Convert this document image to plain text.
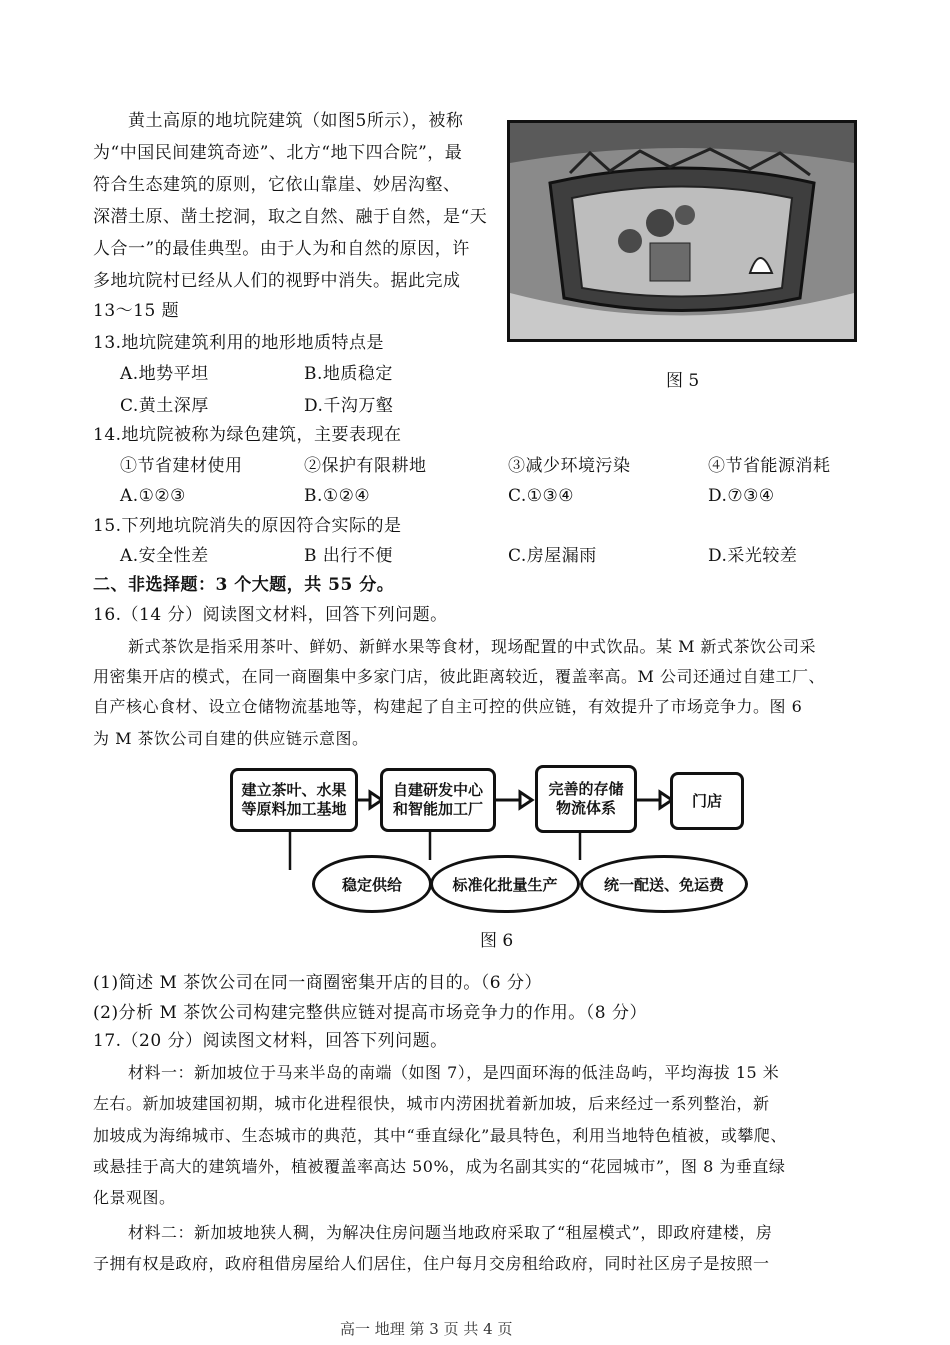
黄土高原的地坑院建筑（如图5所示），被称
为“中国民间建筑奇迹”、北方“地下四合院”，最
符合生态建筑的原则，它依山靠崖、妙居沟壑、
深潜土原、凿土挖洞，取之自然、融于自然，是“天
人合一”的最佳典型。由于人为和自然的原因，许
多地坑院村已经从人们的视野中消失。据此完成
13～15 题
图 5
13.地坑院建筑利用的地形地质特点是
A.地势平坦	B.地质稳定
C.黄土深厚	D.千沟万壑
14.地坑院被称为绿色建筑，主要表现在
①节省建材使用	②保护有限耕地	③减少环境污染	④节省能源消耗
A.①②③	B.①②④	C.①③④	D.⑦③④
15.下列地坑院消失的原因符合实际的是
A.安全性差	B 出行不便	C.房屋漏雨	D.采光较差
二、非选择题：3 个大题，共 55 分。
16.（14 分）阅读图文材料，回答下列问题。
新式茶饮是指采用茶叶、鲜奶、新鲜水果等食材，现场配置的中式饮品。某 M 新式茶饮公司采
用密集开店的模式，在同一商圈集中多家门店，彼此距离较近，覆盖率高。M 公司还通过自建工厂、
自产核心食材、设立仓储物流基地等，构建起了自主可控的供应链，有效提升了市场竞争力。图 6
为 M 茶饮公司自建的供应链示意图。
建立茶叶、水果
等原料加工基地
自建研发中心
和智能加工厂
完善的存储
物流体系	门店
稳定供给	标准化批量生产	统一配送、免运费
图 6
(1)简述 M 茶饮公司在同一商圈密集开店的目的。（6 分）
(2)分析 M 茶饮公司构建完整供应链对提高市场竞争力的作用。（8 分）
17.（20 分）阅读图文材料，回答下列问题。
材料一：新加坡位于马来半岛的南端（如图 7），是四面环海的低洼岛屿，平均海拔 15 米
左右。新加坡建国初期，城市化进程很快，城市内涝困扰着新加坡，后来经过一系列整治，新
加坡成为海绵城市、生态城市的典范，其中“垂直绿化”最具特色，利用当地特色植被，或攀爬、
或悬挂于高大的建筑墙外，植被覆盖率高达 50%，成为名副其实的“花园城市”，图 8 为垂直绿
化景观图。
材料二：新加坡地狭人稠，为解决住房问题当地政府采取了“租屋模式”，即政府建楼，房
子拥有权是政府，政府租借房屋给人们居住，住户每月交房租给政府，同时社区房子是按照一
高一 地理 第 3 页 共 4 页
